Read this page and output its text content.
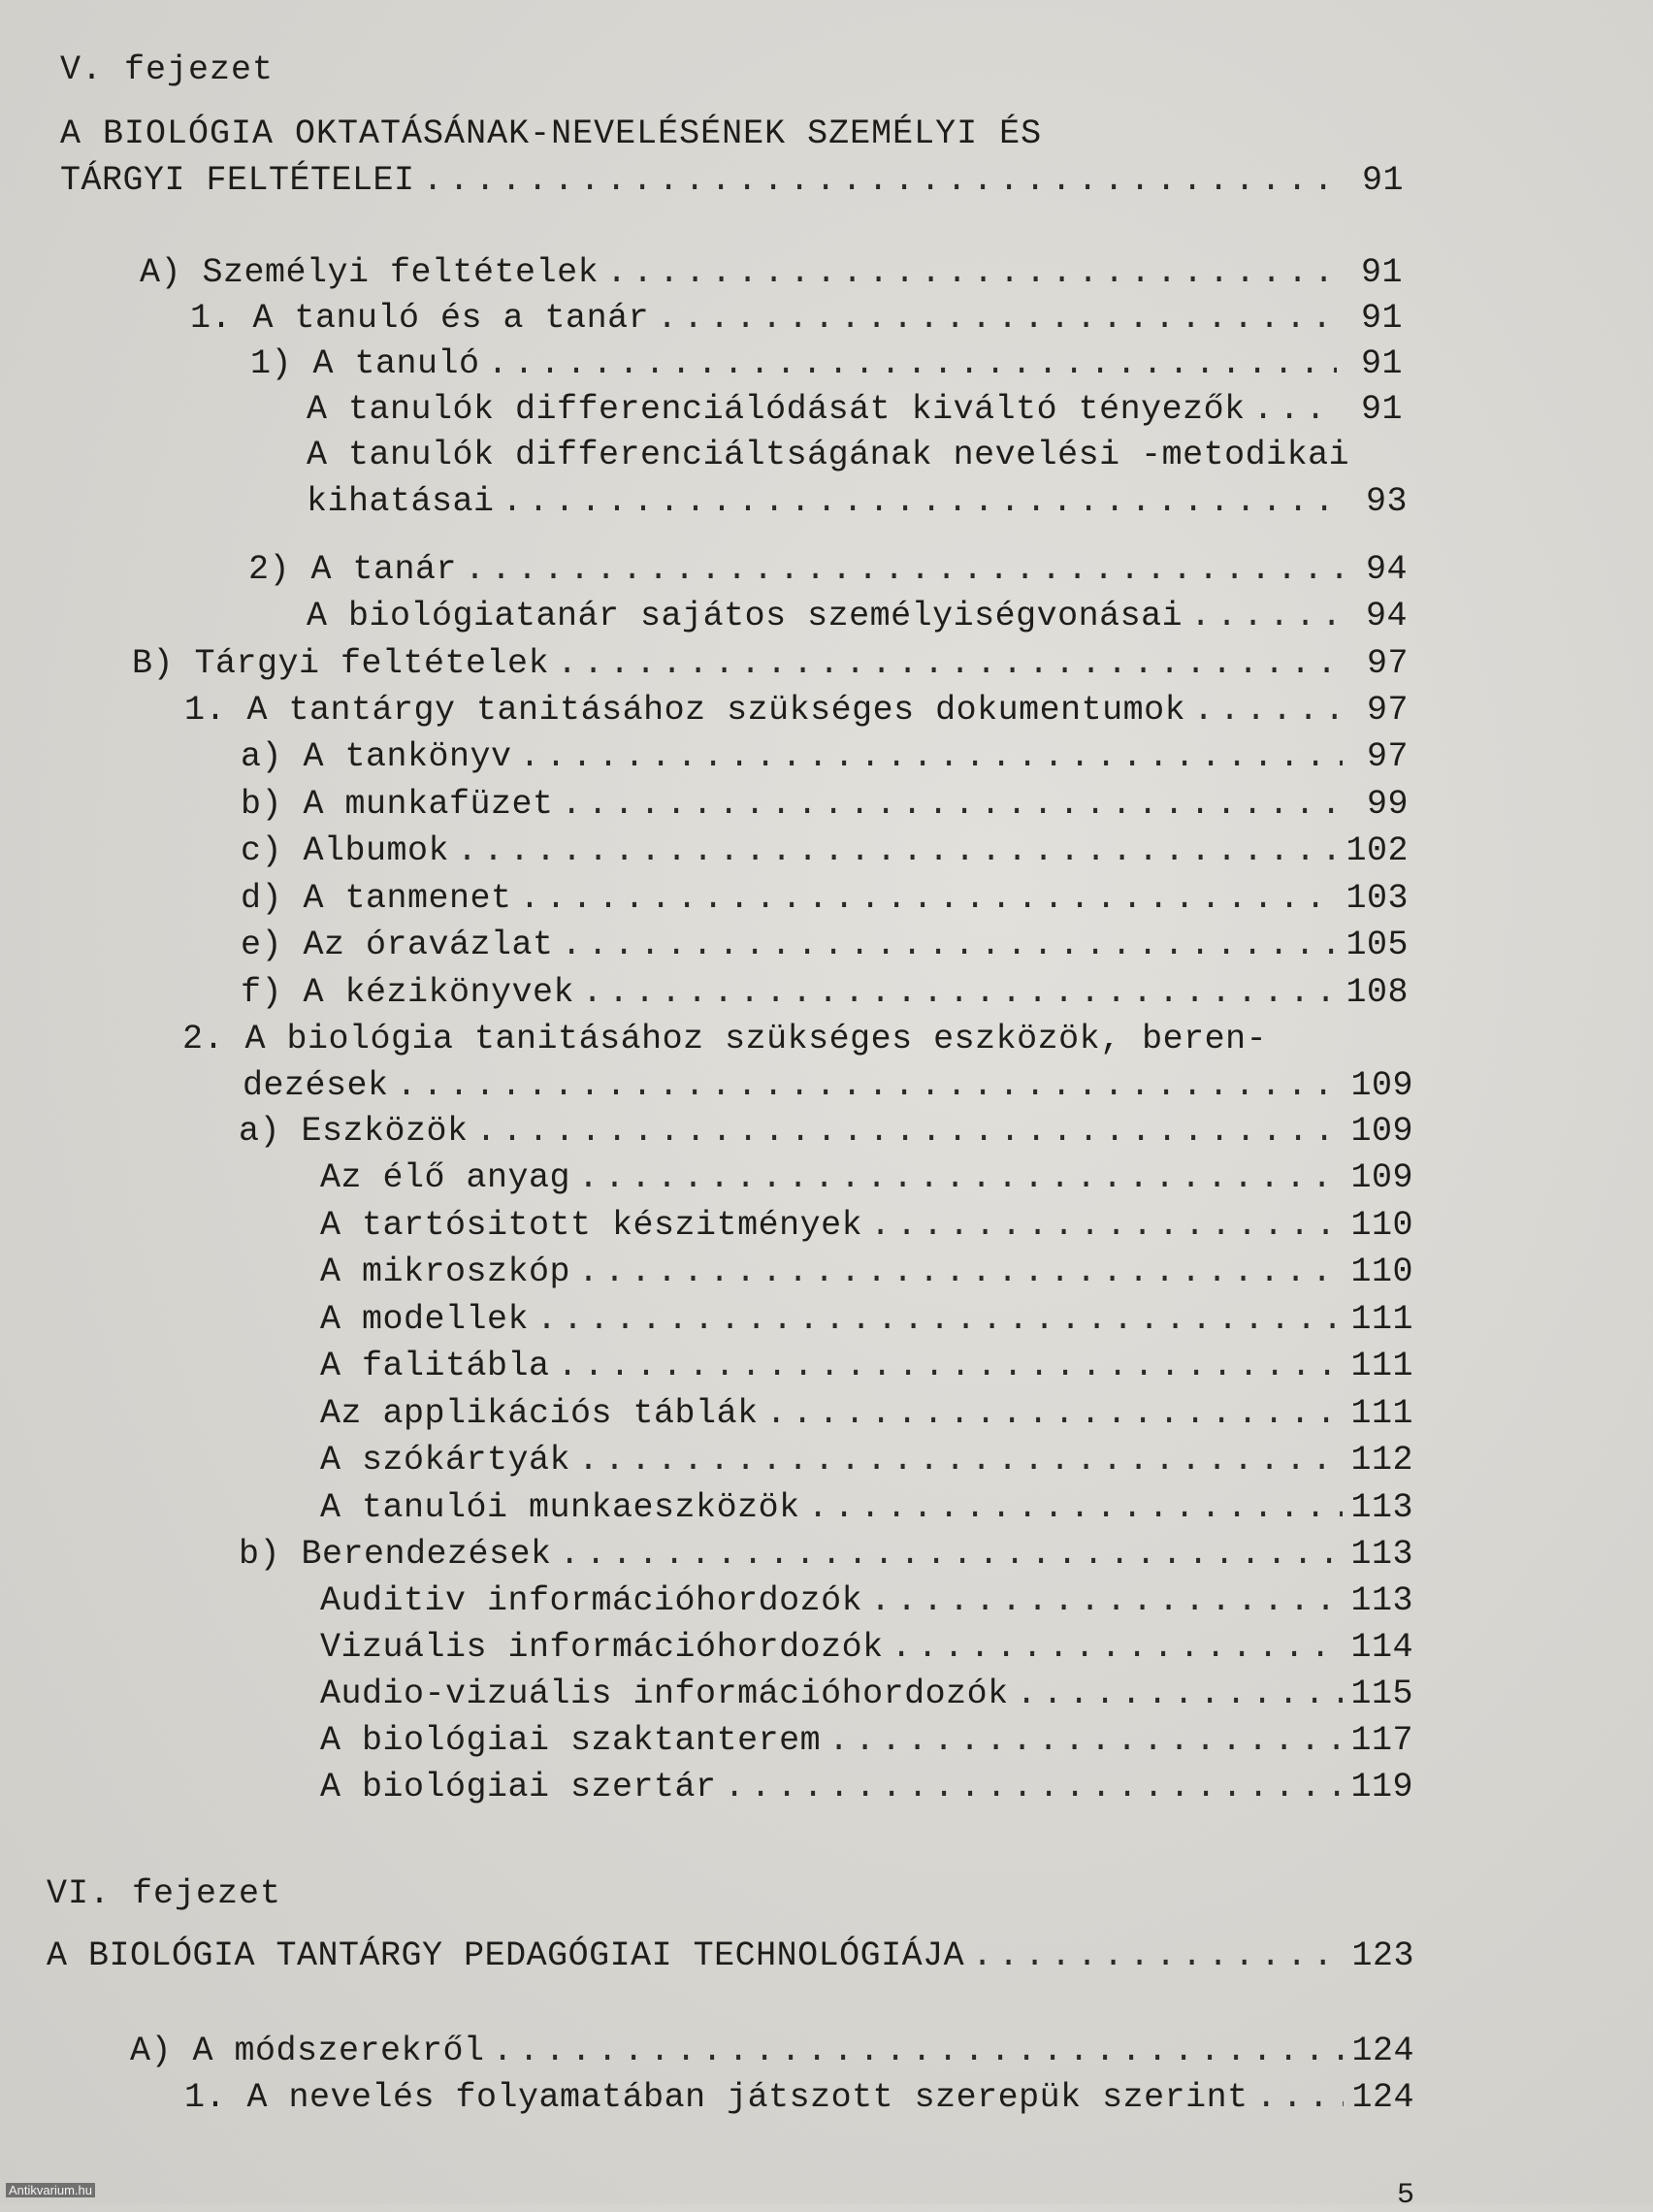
V. fejezet
A BIOLÓGIA OKTATÁSÁNAK-NEVELÉSÉNEK SZEMÉLYI ÉS
TÁRGYI FELTÉTELEI .....	91
A) Személyi feltételek .....	91
1. A tanuló és a tanár .....	91
1) A tanuló .....	91
A tanulók differenciálódását kiváltó tényezők .....	91
A tanulók differenciáltságának nevelési -metodikai
kihatásai .....	93
2) A tanár .....	94
A biológiatanár sajátos személyiségvonásai .....	94
B) Tárgyi feltételek .....	97
1. A tantárgy tanitásához szükséges dokumentumok .....	97
a) A tankönyv .....	97
b) A munkafüzet .....	99
c) Albumok .....	102
d) A tanmenet .....	103
e) Az óravázlat .....	105
f) A kézikönyvek .....	108
2. A biológia tanitásához szükséges eszközök, beren-
dezések .....	109
a) Eszközök .....	109
Az élő anyag .....	109
A tartósitott készitmények .....	110
A mikroszkóp .....	110
A modellek .....	111
A falitábla .....	111
Az applikációs táblák .....	111
A szókártyák .....	112
A tanulói munkaeszközök .....	113
b) Berendezések .....	113
Auditiv információhordozók .....	113
Vizuális információhordozók .....	114
Audio-vizuális információhordozók .....	115
A biológiai szaktanterem .....	117
A biológiai szertár .....	119
VI. fejezet
A BIOLÓGIA TANTÁRGY PEDAGÓGIAI TECHNOLÓGIÁJA .....	123
A) A módszerekről .....	124
1. A nevelés folyamatában játszott szerepük szerint .....	124
Antikvarium.hu	5
